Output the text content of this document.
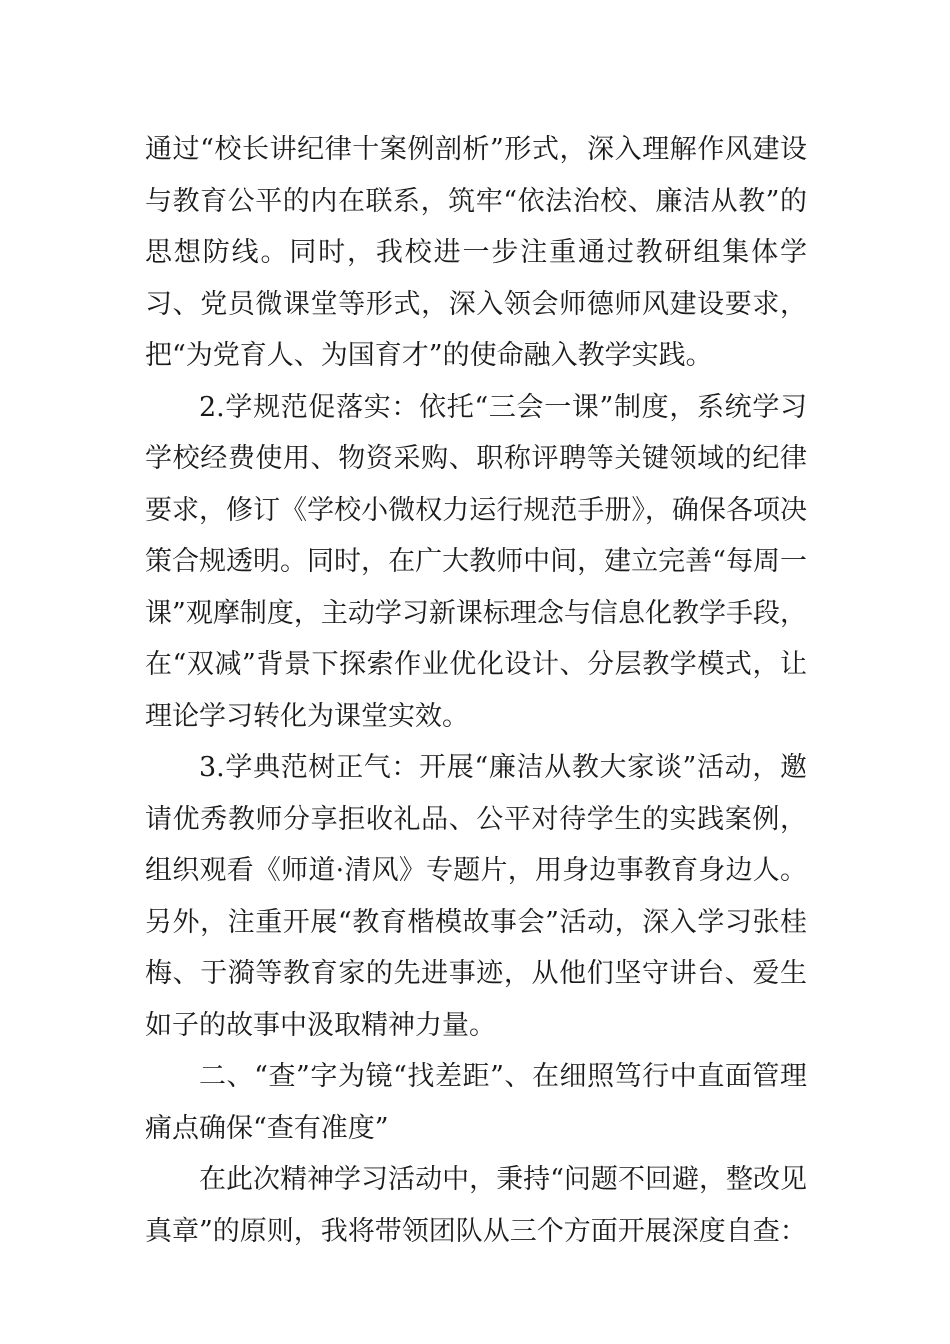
通过“校长讲纪律十案例剖析”形式，深入理解作风建设与教育公平的内在联系，筑牢“依法治校、廉洁从教”的思想防线。同时，我校进一步注重通过教研组集体学习、党员微课堂等形式，深入领会师德师风建设要求，把“为党育人、为国育才”的使命融入教学实践。

2.学规范促落实：依托“三会一课”制度，系统学习学校经费使用、物资采购、职称评聘等关键领域的纪律要求，修订《学校小微权力运行规范手册》，确保各项决策合规透明。同时，在广大教师中间，建立完善“每周一课”观摩制度，主动学习新课标理念与信息化教学手段，在“双减”背景下探索作业优化设计、分层教学模式，让理论学习转化为课堂实效。

3.学典范树正气：开展“廉洁从教大家谈”活动，邀请优秀教师分享拒收礼品、公平对待学生的实践案例，组织观看《师道·清风》专题片，用身边事教育身边人。另外，注重开展“教育楷模故事会”活动，深入学习张桂梅、于漪等教育家的先进事迹，从他们坚守讲台、爱生如子的故事中汲取精神力量。

二、“查”字为镜“找差距”、在细照笃行中直面管理痛点确保“查有准度”

在此次精神学习活动中，秉持“问题不回避，整改见真章”的原则，我将带领团队从三个方面开展深度自查：
